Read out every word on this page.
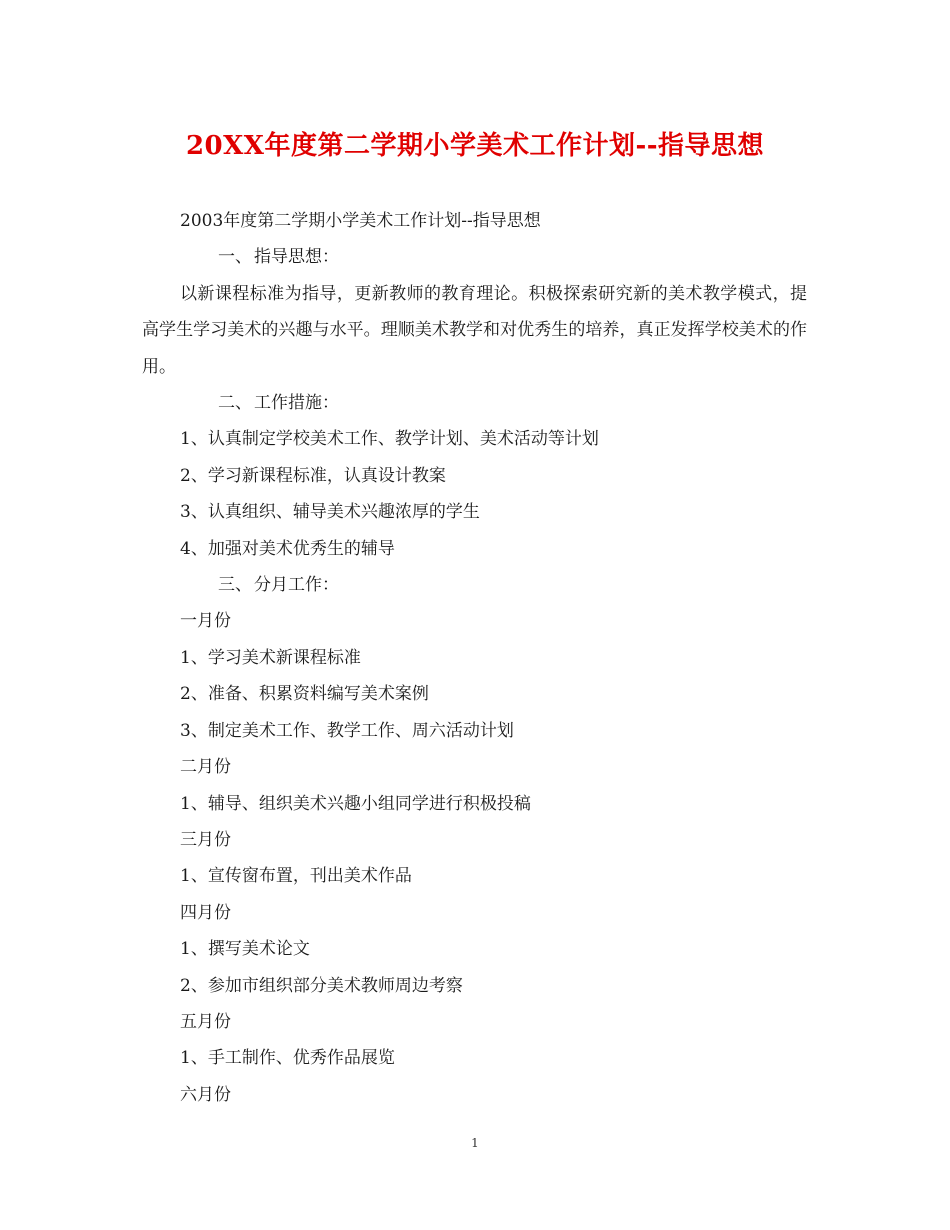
20XX年度第二学期小学美术工作计划--指导思想

2003年度第二学期小学美术工作计划--指导思想

一、 指导思想：

以新课程标准为指导，更新教师的教育理论。积极探索研究新的美术教学模式，提高学生学习美术的兴趣与水平。理顺美术教学和对优秀生的培养，真正发挥学校美术的作用。

二、 工作措施：

1、认真制定学校美术工作、教学计划、美术活动等计划

2、学习新课程标准，认真设计教案

3、认真组织、辅导美术兴趣浓厚的学生

4、加强对美术优秀生的辅导

三、 分月工作：

一月份

1、学习美术新课程标准

2、准备、积累资料编写美术案例

3、制定美术工作、教学工作、周六活动计划

二月份

1、辅导、组织美术兴趣小组同学进行积极投稿

三月份

1、宣传窗布置，刊出美术作品

四月份

1、撰写美术论文

2、参加市组织部分美术教师周边考察

五月份

1、手工制作、优秀作品展览

六月份

1
